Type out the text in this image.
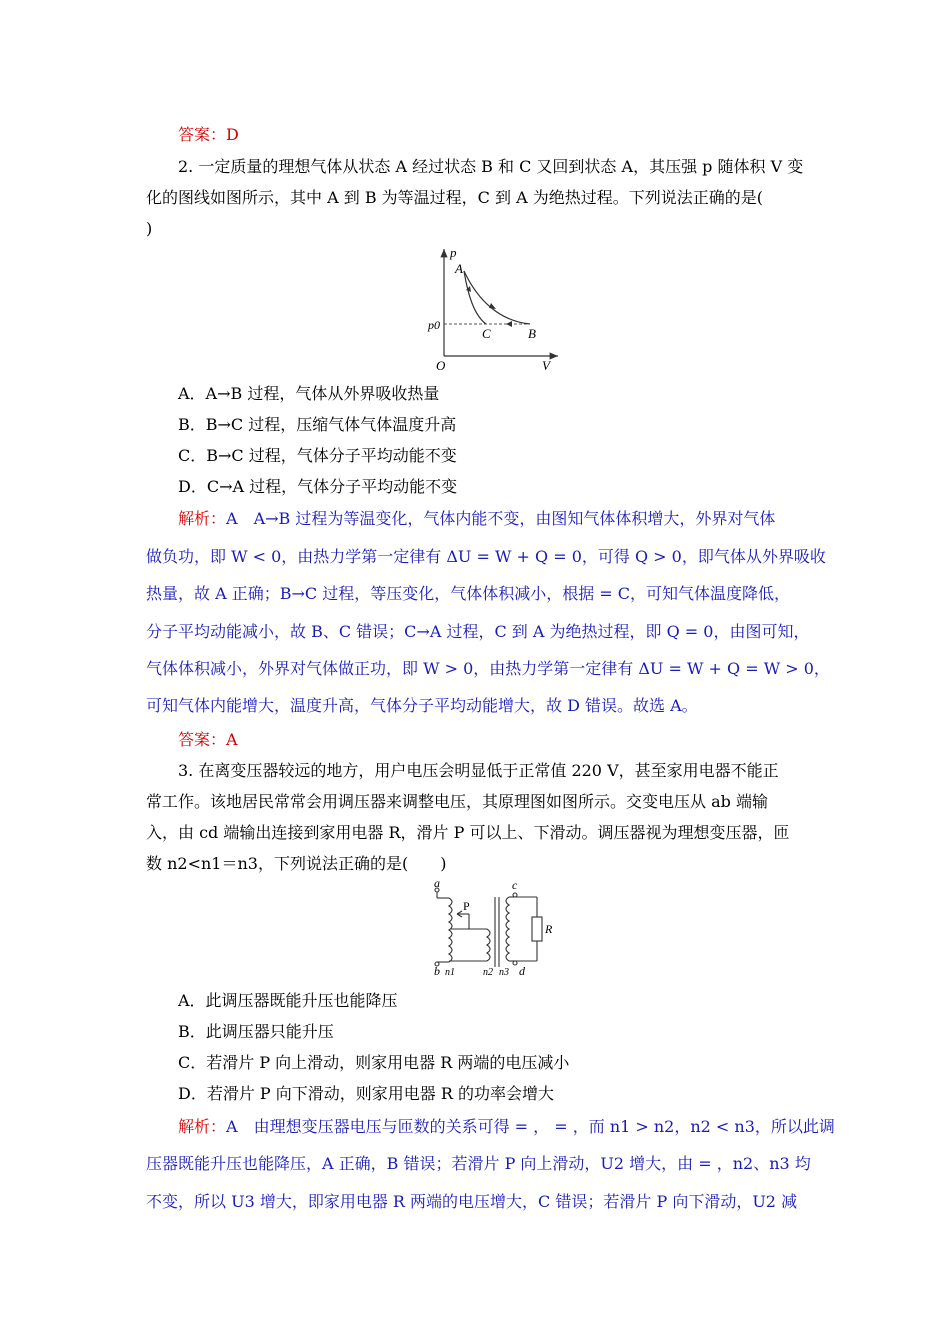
答案：D
2. 一定质量的理想气体从状态 A 经过状态 B 和 C 又回到状态 A，其压强 p 随体积 V 变
化的图线如图所示，其中 A 到 B 为等温过程，C 到 A 为绝热过程。下列说法正确的是(
)
p
V
O
p0
A
B
C
A．A→B 过程，气体从外界吸收热量
B．B→C 过程，压缩气体气体温度升高
C．B→C 过程，气体分子平均动能不变
D．C→A 过程，气体分子平均动能不变
解析：A　A→B 过程为等温变化，气体内能不变，由图知气体体积增大，外界对气体
做负功，即 W < 0，由热力学第一定律有 ΔU = W + Q = 0，可得 Q > 0，即气体从外界吸收
热量，故 A 正确；B→C 过程，等压变化，气体体积减小，根据 = C，可知气体温度降低，
分子平均动能减小，故 B、C 错误；C→A 过程，C 到 A 为绝热过程，即 Q = 0，由图可知，
气体体积减小，外界对气体做正功，即 W > 0，由热力学第一定律有 ΔU = W + Q = W > 0，
可知气体内能增大，温度升高，气体分子平均动能增大，故 D 错误。故选 A。
答案：A
3. 在离变压器较远的地方，用户电压会明显低于正常值 220 V，甚至家用电器不能正
常工作。该地居民常常会用调压器来调整电压，其原理图如图所示。交变电压从 ab 端输
入，由 cd 端输出连接到家用电器 R，滑片 P 可以上、下滑动。调压器视为理想变压器，匝
数 n2<n1＝n3，下列说法正确的是(　　)
a
b
c
d
P
R
n1	n2 n3
A．此调压器既能升压也能降压
B．此调压器只能升压
C．若滑片 P 向上滑动，则家用电器 R 两端的电压减小
D．若滑片 P 向下滑动，则家用电器 R 的功率会增大
解析：A　由理想变压器电压与匝数的关系可得 = ， = ，而 n1 > n2，n2 < n3，所以此调
压器既能升压也能降压，A 正确，B 错误；若滑片 P 向上滑动，U2 增大，由 = ，n2、n3 均
不变，所以 U3 增大，即家用电器 R 两端的电压增大，C 错误；若滑片 P 向下滑动，U2 减
